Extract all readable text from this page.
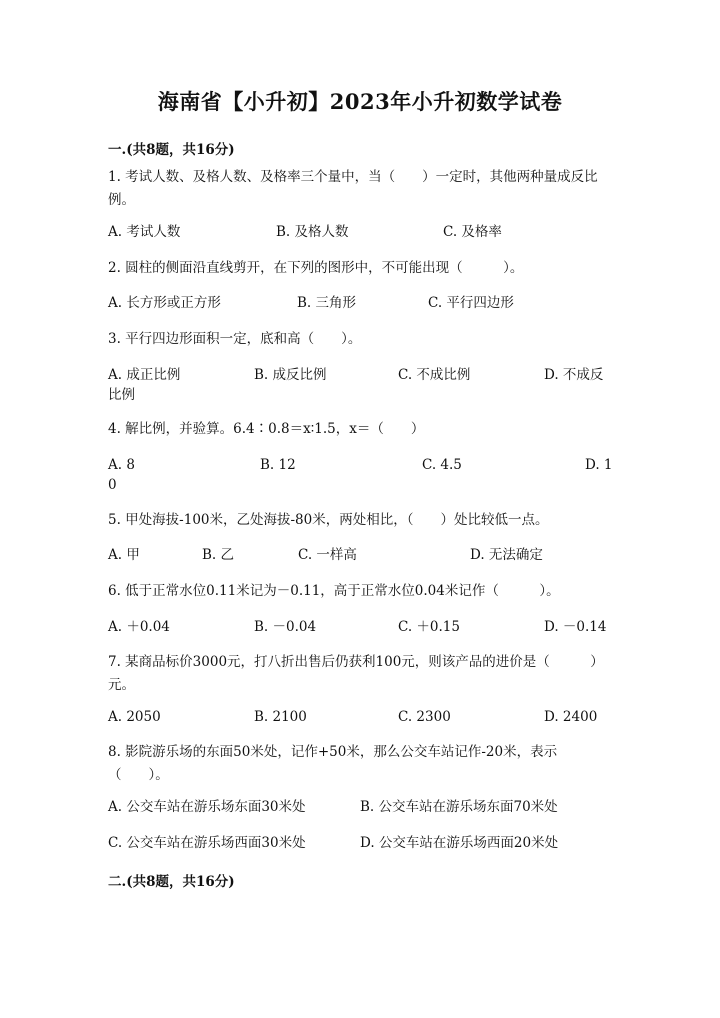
海南省【小升初】2023年小升初数学试卷
一.(共8题，共16分)
1. 考试人数、及格人数、及格率三个量中，当（　　）一定时，其他两种量成反比例。
A. 考试人数	B. 及格人数	C. 及格率
2. 圆柱的侧面沿直线剪开，在下列的图形中，不可能出现（　　　）。
A. 长方形或正方形	B. 三角形	C. 平行四边形
3. 平行四边形面积一定，底和高（　　）。
A. 成正比例	B. 成反比例	C. 不成比例	D. 不成反
比例
4. 解比例，并验算。6.4∶0.8＝x∶1.5，x＝（　　）
A. 8	B. 12	C. 4.5	D. 1
0
5. 甲处海拔-100米，乙处海拔-80米，两处相比，（　　）处比较低一点。
A. 甲	B. 乙	C. 一样高	D. 无法确定
6. 低于正常水位0.11米记为－0.11，高于正常水位0.04米记作（　　　）。
A. ＋0.04	B. －0.04	C. ＋0.15	D. －0.14
7. 某商品标价3000元，打八折出售后仍获利100元，则该产品的进价是（　　　）元。
A. 2050	B. 2100	C. 2300	D. 2400
8. 影院游乐场的东面50米处，记作+50米，那么公交车站记作-20米，表示（　　）。
A. 公交车站在游乐场东面30米处	B. 公交车站在游乐场东面70米处
C. 公交车站在游乐场西面30米处	D. 公交车站在游乐场西面20米处
二.(共8题，共16分)
